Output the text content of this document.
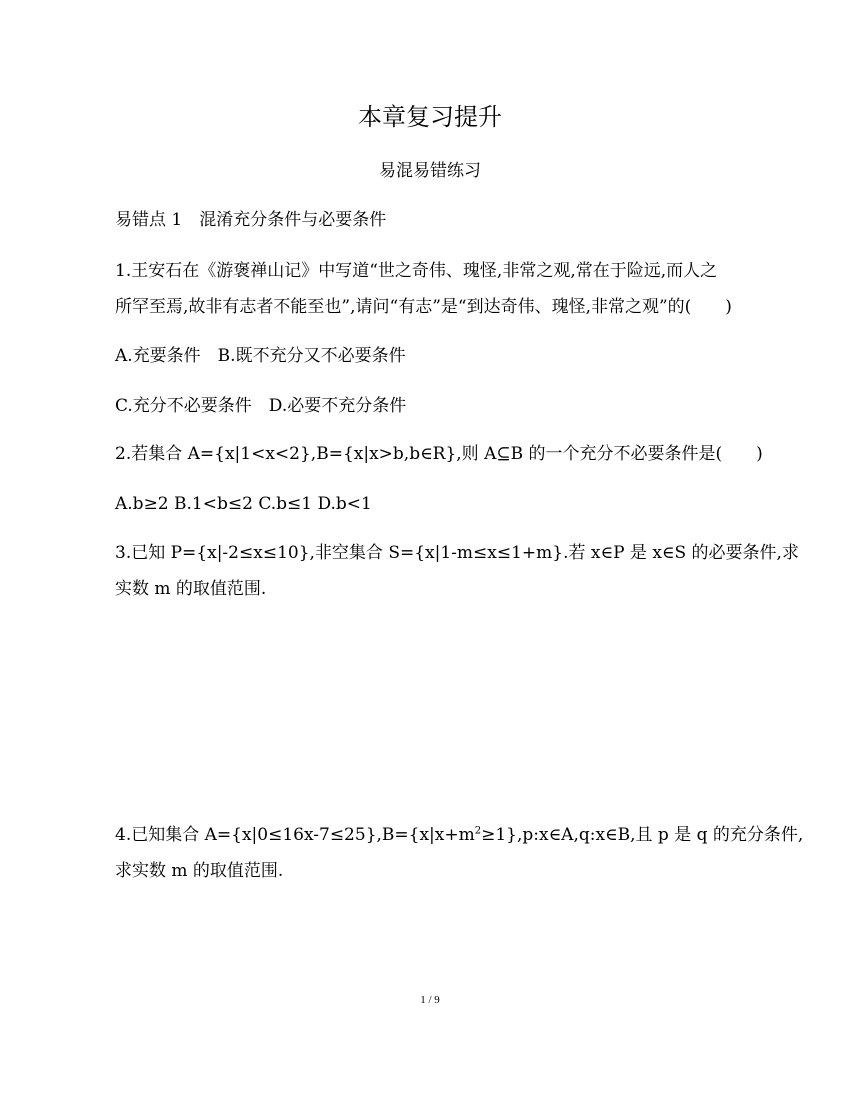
本章复习提升
易混易错练习
易错点 1　混淆充分条件与必要条件
1.王安石在《游褒禅山记》中写道“世之奇伟、瑰怪,非常之观,常在于险远,而人之
所罕至焉,故非有志者不能至也”,请问“有志”是“到达奇伟、瑰怪,非常之观”的(　　)
A.充要条件　B.既不充分又不必要条件
C.充分不必要条件　D.必要不充分条件
2.若集合 A={x|1<x<2},B={x|x>b,b∈R},则 A⊆B 的一个充分不必要条件是(　　)
A.b≥2 B.1<b≤2 C.b≤1 D.b<1
3.已知 P={x|-2≤x≤10},非空集合 S={x|1-m≤x≤1+m}.若 x∈P 是 x∈S 的必要条件,求
实数 m 的取值范围.
4.已知集合 $A=\{x|0\le 16x-7\le 25\},B=\{x|x+m^2\ge 1\},p:x\in A,q:x\in B$,且 p 是 q 的充分条件,
求实数 m 的取值范围.
1 / 9
